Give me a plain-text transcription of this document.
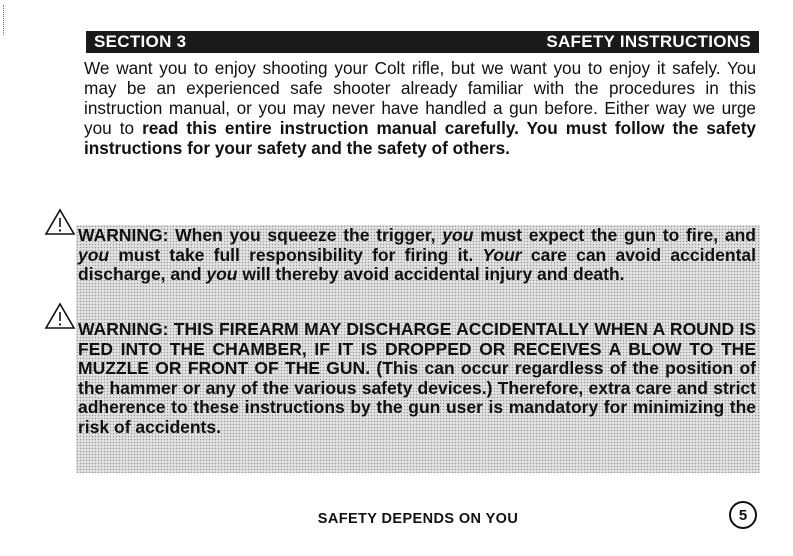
SECTION 3	SAFETY INSTRUCTIONS
We want you to enjoy shooting your Colt rifle, but we want you to enjoy it safely. You may be an experienced safe shooter already familiar with the procedures in this instruction manual, or you may never have handled a gun before. Either way we urge you to read this entire instruction manual carefully. You must follow the safety instructions for your safety and the safety of others.
WARNING: When you squeeze the trigger, you must expect the gun to fire, and you must take full responsibility for firing it. Your care can avoid accidental discharge, and you will thereby avoid accidental injury and death.
WARNING: THIS FIREARM MAY DISCHARGE ACCIDENTALLY WHEN A ROUND IS FED INTO THE CHAMBER, IF IT IS DROPPED OR RECEIVES A BLOW TO THE MUZZLE OR FRONT OF THE GUN. (This can occur regardless of the position of the hammer or any of the various safety devices.) Therefore, extra care and strict adherence to these instructions by the gun user is mandatory for minimizing the risk of accidents.
SAFETY DEPENDS ON YOU	5
